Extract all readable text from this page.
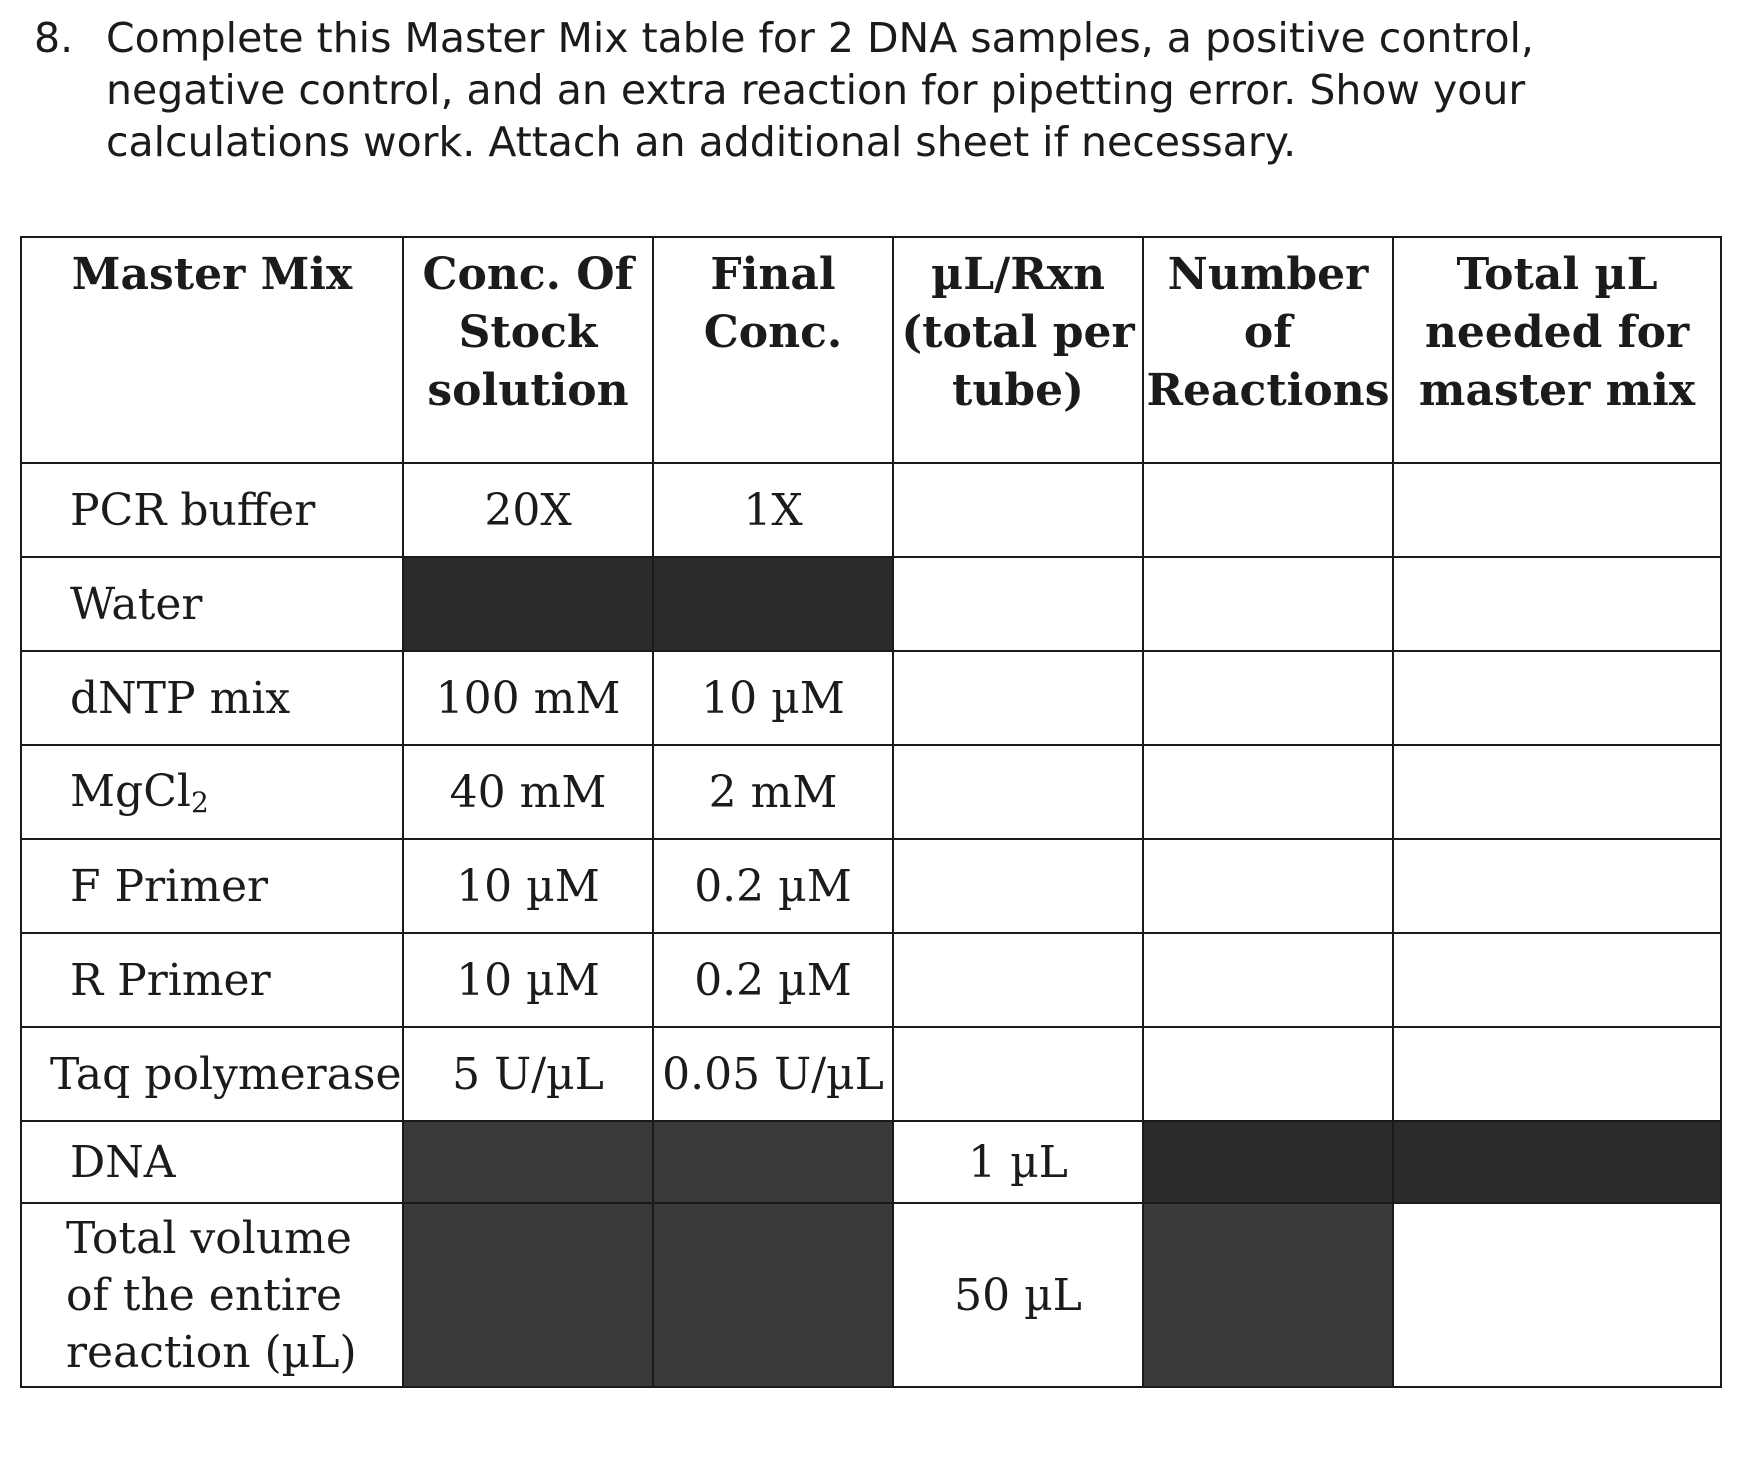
8. Complete this Master Mix table for 2 DNA samples, a positive control, negative control, and an extra reaction for pipetting error. Show your calculations work. Attach an additional sheet if necessary.
Master Mix	Conc. Of Stock solution	Final Conc.	µL/Rxn (total per tube)	Number of Reactions	Total µL needed for master mix
PCR buffer	20X	1X			
Water					
dNTP mix	100 mM	10 µM			
MgCl$_2$	40 mM	2 mM			
F Primer	10 µM	0.2 µM			
R Primer	10 µM	0.2 µM			
Taq polymerase	5 U/µL	0.05 U/µL			
DNA			1 µL		
Total volume of the entire reaction (µL)			50 µL		
